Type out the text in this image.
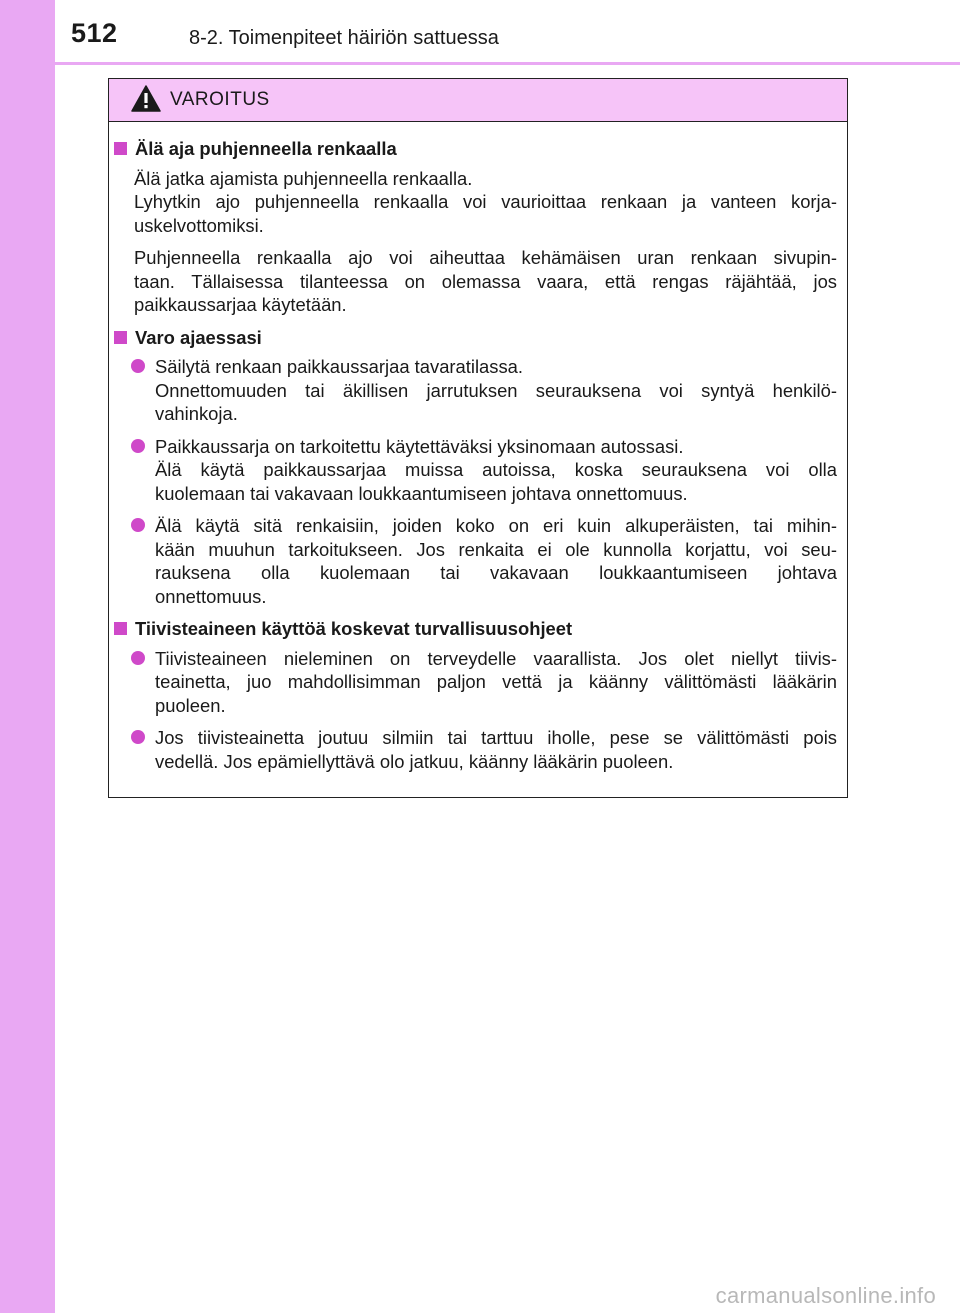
512	8-2. Toimenpiteet häiriön sattuessa
VAROITUS
Älä aja puhjenneella renkaalla
Älä jatka ajamista puhjenneella renkaalla.
Lyhytkin ajo puhjenneella renkaalla voi vaurioittaa renkaan ja vanteen korja-
uskelvottomiksi.
Puhjenneella renkaalla ajo voi aiheuttaa kehämäisen uran renkaan sivupin-
taan. Tällaisessa tilanteessa on olemassa vaara, että rengas räjähtää, jos
paikkaussarjaa käytetään.
Varo ajaessasi
Säilytä renkaan paikkaussarjaa tavaratilassa.
Onnettomuuden tai äkillisen jarrutuksen seurauksena voi syntyä henkilö-
vahinkoja.
Paikkaussarja on tarkoitettu käytettäväksi yksinomaan autossasi.
Älä käytä paikkaussarjaa muissa autoissa, koska seurauksena voi olla
kuolemaan tai vakavaan loukkaantumiseen johtava onnettomuus.
Älä käytä sitä renkaisiin, joiden koko on eri kuin alkuperäisten, tai mihin-
kään muuhun tarkoitukseen. Jos renkaita ei ole kunnolla korjattu, voi seu-
rauksena olla kuolemaan tai vakavaan loukkaantumiseen johtava
onnettomuus.
Tiivisteaineen käyttöä koskevat turvallisuusohjeet
Tiivisteaineen nieleminen on terveydelle vaarallista. Jos olet niellyt tiivis-
teainetta, juo mahdollisimman paljon vettä ja käänny välittömästi lääkärin
puoleen.
Jos tiivisteainetta joutuu silmiin tai tarttuu iholle, pese se välittömästi pois
vedellä. Jos epämiellyttävä olo jatkuu, käänny lääkärin puoleen.
carmanualsonline.info
